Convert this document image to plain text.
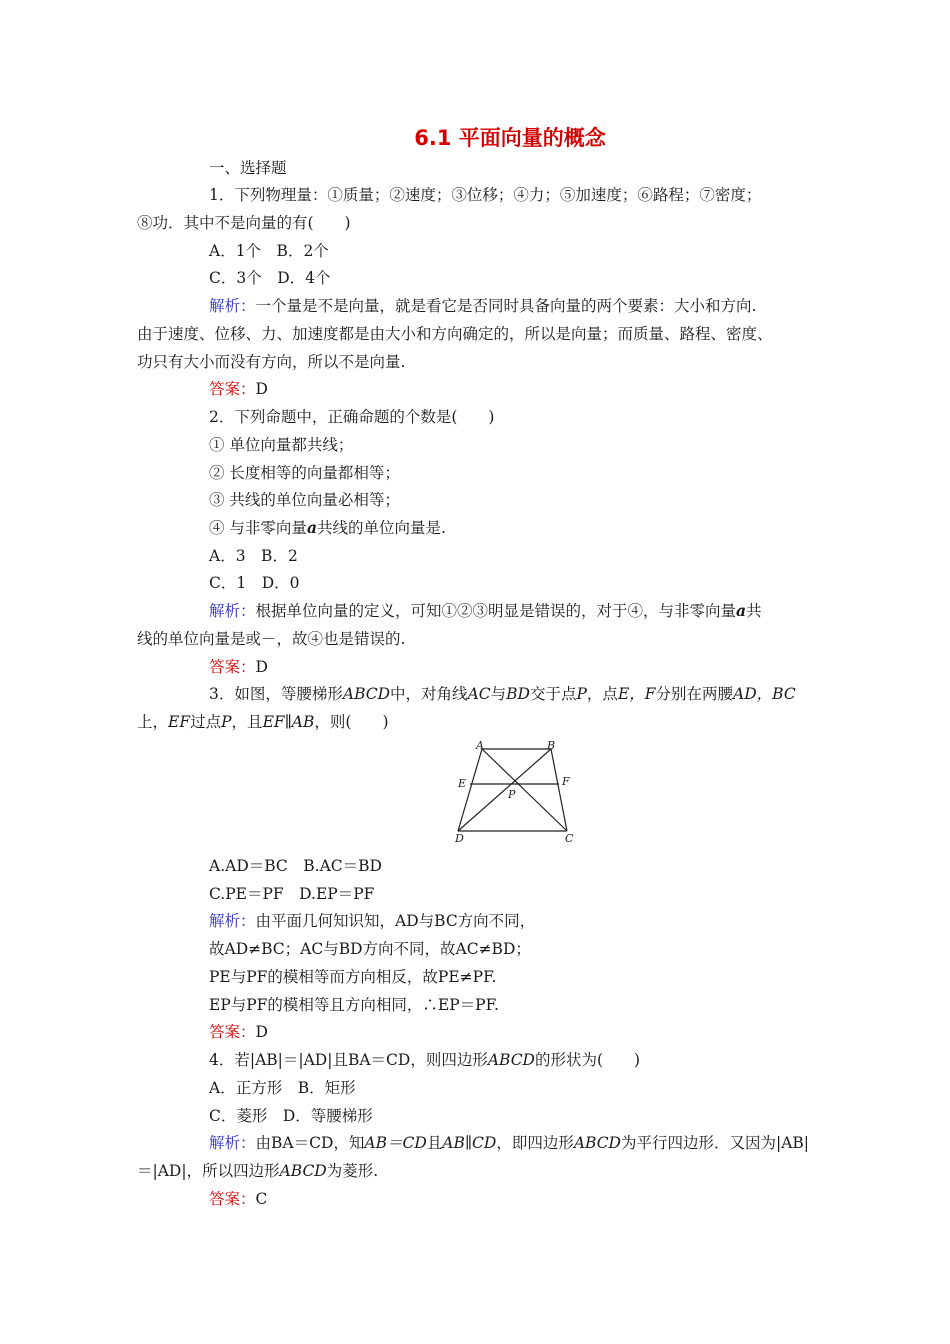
6.1 平面向量的概念
一、选择题
1．下列物理量：①质量；②速度；③位移；④力；⑤加速度；⑥路程；⑦密度；
⑧功．其中不是向量的有(　　)
A．1个　B．2个
C．3个　D．4个
解析：一个量是不是向量，就是看它是否同时具备向量的两个要素：大小和方向.
由于速度、位移、力、加速度都是由大小和方向确定的，所以是向量；而质量、路程、密度、
功只有大小而没有方向，所以不是向量.
答案：D
2．下列命题中，正确命题的个数是(　　)
① 单位向量都共线；
② 长度相等的向量都相等；
③ 共线的单位向量必相等；
④ 与非零向量a共线的单位向量是.
A．3　B．2
C．1　D．0
解析：根据单位向量的定义，可知①②③明显是错误的，对于④，与非零向量a共
线的单位向量是或－，故④也是错误的.
答案：D
3．如图，等腰梯形ABCD中，对角线AC与BD交于点P，点E，F分别在两腰AD，BC
上，EF过点P，且EF∥AB，则(　　)
A	B
E	F
P
D	C
A.AD＝BC　B.AC＝BD
C.PE＝PF　D.EP＝PF
解析：由平面几何知识知，AD与BC方向不同，
故AD≠BC；AC与BD方向不同，故AC≠BD；
PE与PF的模相等而方向相反，故PE≠PF.
EP与PF的模相等且方向相同，∴EP＝PF.
答案：D
4．若|AB|＝|AD|且BA＝CD，则四边形ABCD的形状为(　　)
A．正方形　B．矩形
C．菱形　D．等腰梯形
解析：由BA＝CD，知AB＝CD且AB∥CD，即四边形ABCD为平行四边形．又因为|AB|
＝|AD|，所以四边形ABCD为菱形.
答案：C
